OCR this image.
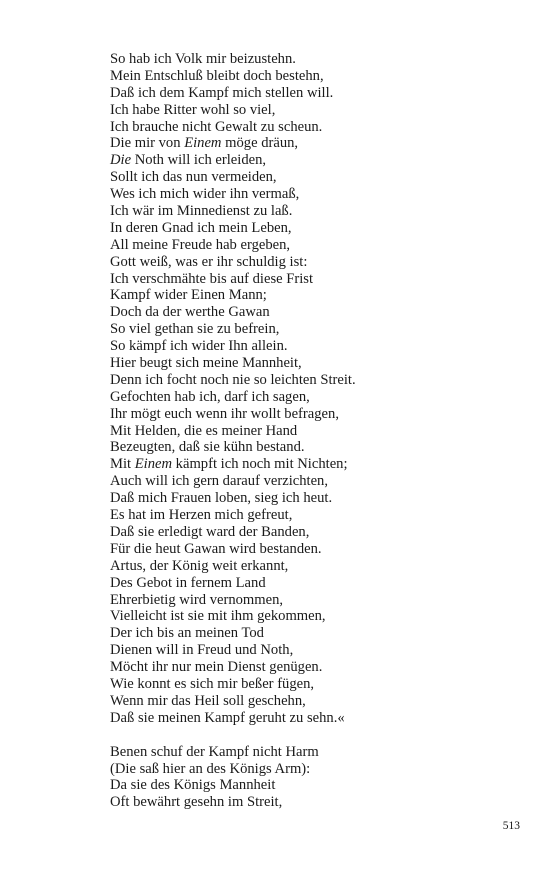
So hab ich Volk mir beizustehn.
Mein Entschluß bleibt doch bestehn,
Daß ich dem Kampf mich stellen will.
Ich habe Ritter wohl so viel,
Ich brauche nicht Gewalt zu scheun.
Die mir von Einem möge dräun,
Die Noth will ich erleiden,
Sollt ich das nun vermeiden,
Wes ich mich wider ihn vermaß,
Ich wär im Minnedienst zu laß.
In deren Gnad ich mein Leben,
All meine Freude hab ergeben,
Gott weiß, was er ihr schuldig ist:
Ich verschmähte bis auf diese Frist
Kampf wider Einen Mann;
Doch da der werthe Gawan
So viel gethan sie zu befrein,
So kämpf ich wider Ihn allein.
Hier beugt sich meine Mannheit,
Denn ich focht noch nie so leichten Streit.
Gefochten hab ich, darf ich sagen,
Ihr mögt euch wenn ihr wollt befragen,
Mit Helden, die es meiner Hand
Bezeugten, daß sie kühn bestand.
Mit Einem kämpft ich noch mit Nichten;
Auch will ich gern darauf verzichten,
Daß mich Frauen loben, sieg ich heut.
Es hat im Herzen mich gefreut,
Daß sie erledigt ward der Banden,
Für die heut Gawan wird bestanden.
Artus, der König weit erkannt,
Des Gebot in fernem Land
Ehrerbietig wird vernommen,
Vielleicht ist sie mit ihm gekommen,
Der ich bis an meinen Tod
Dienen will in Freud und Noth,
Möcht ihr nur mein Dienst genügen.
Wie konnt es sich mir beßer fügen,
Wenn mir das Heil soll geschehn,
Daß sie meinen Kampf geruht zu sehn.«
Benen schuf der Kampf nicht Harm
(Die saß hier an des Königs Arm):
Da sie des Königs Mannheit
Oft bewährt gesehn im Streit,
513
